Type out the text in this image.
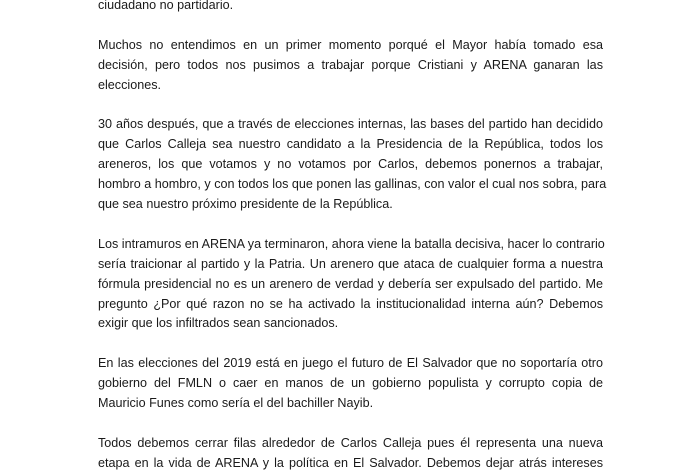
ciudadano no partidario.
Muchos no entendimos en un primer momento porqué el Mayor había tomado esa
decisión, pero todos nos pusimos a trabajar porque Cristiani y ARENA ganaran las
elecciones.
30 años después, que a través de elecciones internas, las bases del partido han decidido
que Carlos Calleja sea nuestro candidato a la Presidencia de la República, todos los
areneros, los que votamos y no votamos por Carlos, debemos ponernos a trabajar,
hombro a hombro, y con todos los que ponen las gallinas, con valor el cual nos sobra, para
que sea nuestro próximo presidente de la República.
Los intramuros en ARENA ya terminaron, ahora viene la batalla decisiva, hacer lo contrario
sería traicionar al partido y la Patria. Un arenero que ataca de cualquier forma a nuestra
fórmula presidencial no es un arenero de verdad y debería ser expulsado del partido. Me
pregunto ¿Por qué razon no se ha activado la institucionalidad interna aún? Debemos
exigir que los infiltrados sean sancionados.
En las elecciones del 2019 está en juego el futuro de El Salvador que no soportaría otro
gobierno del FMLN o caer en manos de un gobierno populista y corrupto copia de
Mauricio Funes como sería el del bachiller Nayib.
Todos debemos cerrar filas alrededor de Carlos Calleja pues él representa una nueva
etapa en la vida de ARENA y la política en El Salvador. Debemos dejar atrás intereses
